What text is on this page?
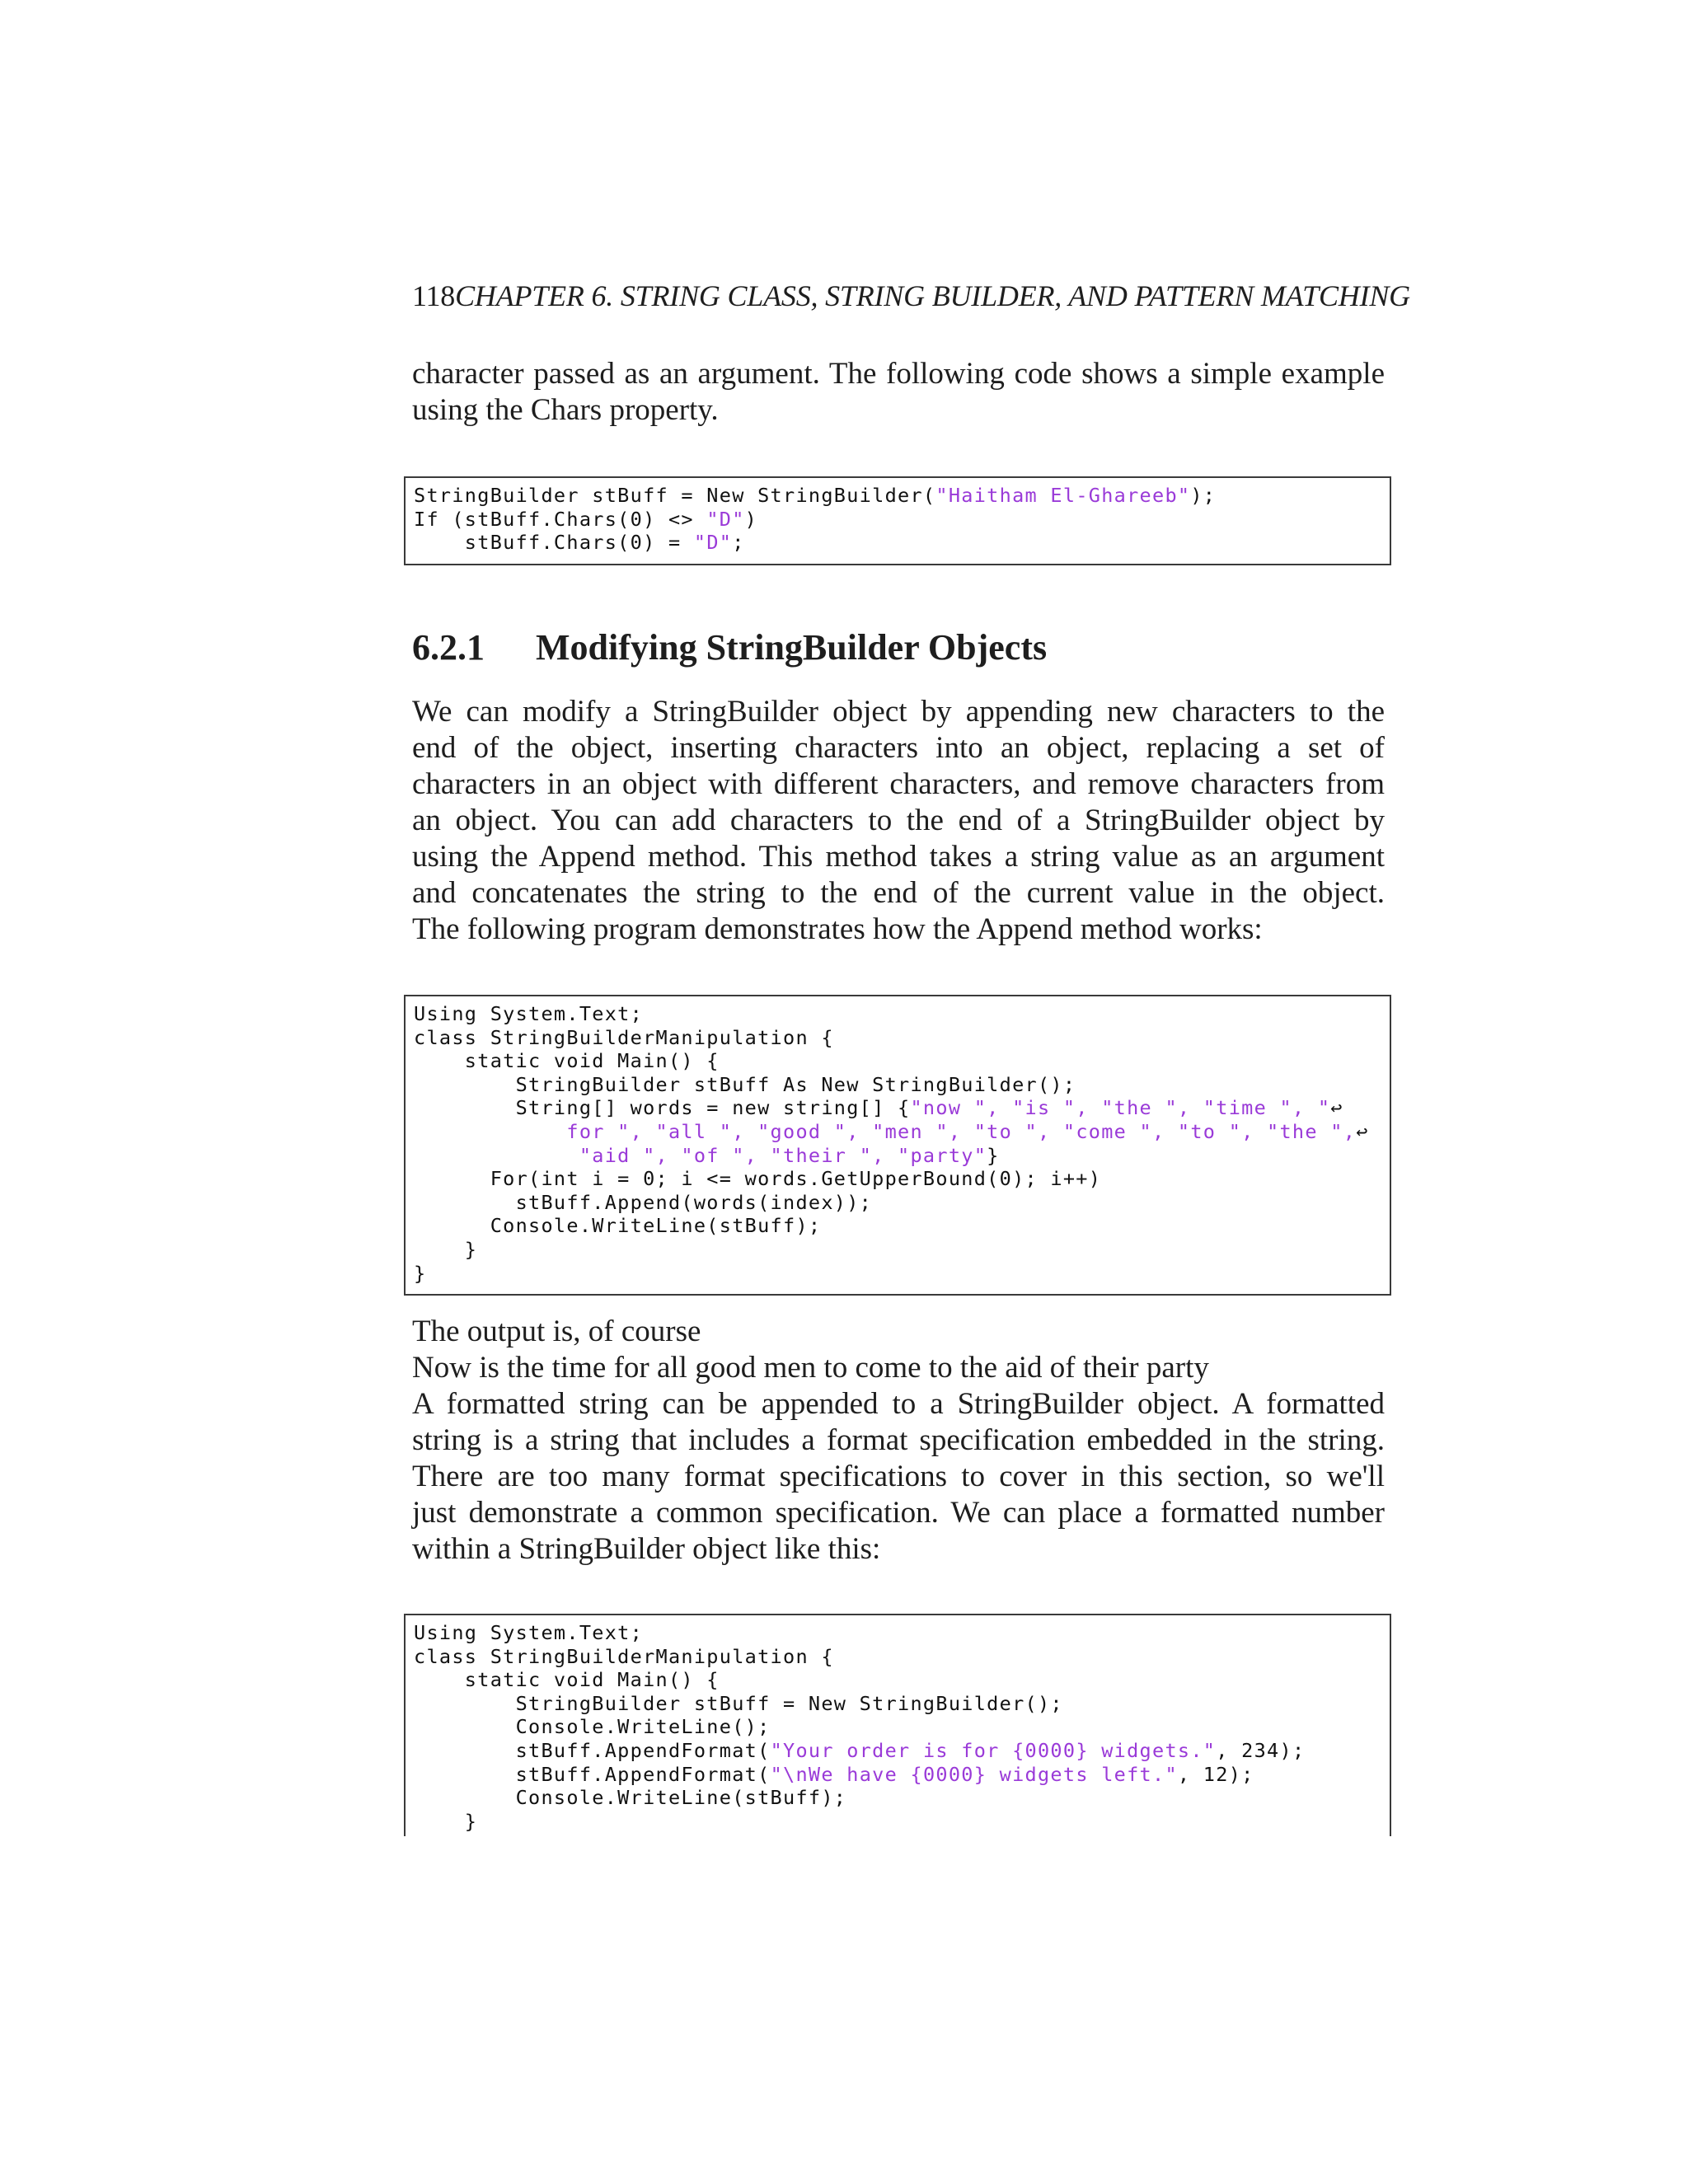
118CHAPTER 6. STRING CLASS, STRING BUILDER, AND PATTERN MATCHING
character passed as an argument. The following code shows a simple example
using the Chars property.
StringBuilder stBuff = New StringBuilder("Haitham El-Ghareeb");
If (stBuff.Chars(0) <> "D")
stBuff.Chars(0) = "D";
6.2.1 Modifying StringBuilder Objects
We can modify a StringBuilder object by appending new characters to the
end of the object, inserting characters into an object, replacing a set of
characters in an object with different characters, and remove characters from
an object. You can add characters to the end of a StringBuilder object by
using the Append method. This method takes a string value as an argument
and concatenates the string to the end of the current value in the object.
The following program demonstrates how the Append method works:
Using System.Text;
class StringBuilderManipulation {
static void Main() {
StringBuilder stBuff As New StringBuilder();
String[] words = new string[] {"now ", "is ", "the ", "time ", "↩
for ", "all ", "good ", "men ", "to ", "come ", "to ", "the ",↩
"aid ", "of ", "their ", "party"}
For(int i = 0; i <= words.GetUpperBound(0); i++)
stBuff.Append(words(index));
Console.WriteLine(stBuff);
}
}
The output is, of course
Now is the time for all good men to come to the aid of their party
A formatted string can be appended to a StringBuilder object. A formatted
string is a string that includes a format specification embedded in the string.
There are too many format specifications to cover in this section, so we'll
just demonstrate a common specification. We can place a formatted number
within a StringBuilder object like this:
Using System.Text;
class StringBuilderManipulation {
static void Main() {
StringBuilder stBuff = New StringBuilder();
Console.WriteLine();
stBuff.AppendFormat("Your order is for {0000} widgets.", 234);
stBuff.AppendFormat("\nWe have {0000} widgets left.", 12);
Console.WriteLine(stBuff);
}
